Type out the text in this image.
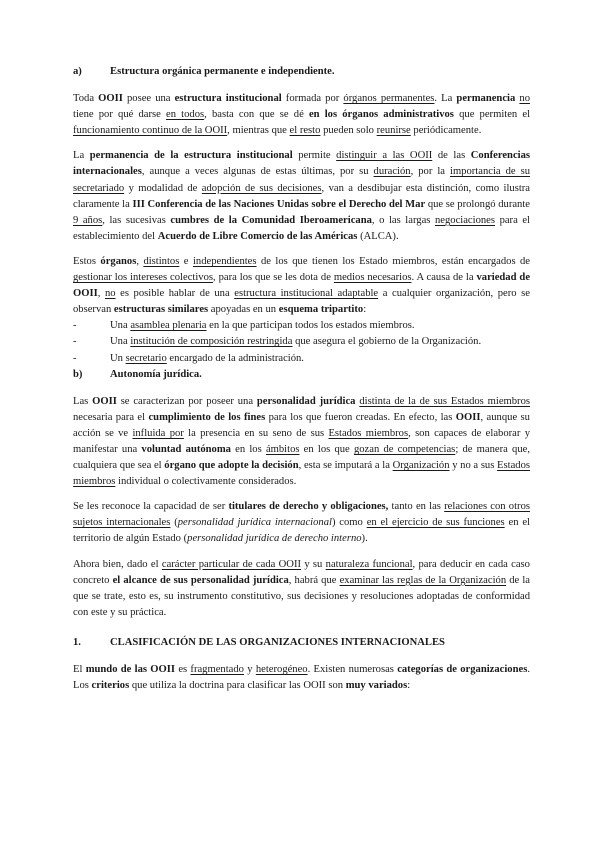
a)	Estructura orgánica permanente e independiente.

Toda OOII posee una estructura institucional formada por órganos permanentes. La permanencia no tiene por qué darse en todos, basta con que se dé en los órganos administrativos que permiten el funcionamiento continuo de la OOII, mientras que el resto pueden solo reunirse periódicamente.

La permanencia de la estructura institucional permite distinguir a las OOII de las Conferencias internacionales, aunque a veces algunas de estas últimas, por su duración, por la importancia de su secretariado y modalidad de adopción de sus decisiones, van a desdibujar esta distinción, como ilustra claramente la III Conferencia de las Naciones Unidas sobre el Derecho del Mar que se prolongó durante 9 años, las sucesivas cumbres de la Comunidad Iberoamericana, o las largas negociaciones para el establecimiento del Acuerdo de Libre Comercio de las Américas (ALCA).

Estos órganos, distintos e independientes de los que tienen los Estado miembros, están encargados de gestionar los intereses colectivos, para los que se les dota de medios necesarios. A causa de la variedad de OOII, no es posible hablar de una estructura institucional adaptable a cualquier organización, pero se observan estructuras similares apoyadas en un esquema tripartito:

-	Una asamblea plenaria en la que participan todos los estados miembros.
-	Una institución de composición restringida que asegura el gobierno de la Organización.
-	Un secretario encargado de la administración.
b)	Autonomía jurídica.

Las OOII se caracterizan por poseer una personalidad jurídica distinta de la de sus Estados miembros necesaria para el cumplimiento de los fines para los que fueron creadas. En efecto, las OOII, aunque su acción se ve influida por la presencia en su seno de sus Estados miembros, son capaces de elaborar y manifestar una voluntad autónoma en los ámbitos en los que gozan de competencias; de manera que, cualquiera que sea el órgano que adopte la decisión, esta se imputará a la Organización y no a sus Estados miembros individual o colectivamente considerados.

Se les reconoce la capacidad de ser titulares de derecho y obligaciones, tanto en las relaciones con otros sujetos internacionales (personalidad jurídica internacional) como en el ejercicio de sus funciones en el territorio de algún Estado (personalidad jurídica de derecho interno).

Ahora bien, dado el carácter particular de cada OOII y su naturaleza funcional, para deducir en cada caso concreto el alcance de sus personalidad jurídica, habrá que examinar las reglas de la Organización de la que se trate, esto es, su instrumento constitutivo, sus decisiones y resoluciones adoptadas de conformidad con este y su práctica.

1.	CLASIFICACIÓN DE LAS ORGANIZACIONES INTERNACIONALES

El mundo de las OOII es fragmentado y heterogéneo. Existen numerosas categorías de organizaciones. Los criterios que utiliza la doctrina para clasificar las OOII son muy variados:
